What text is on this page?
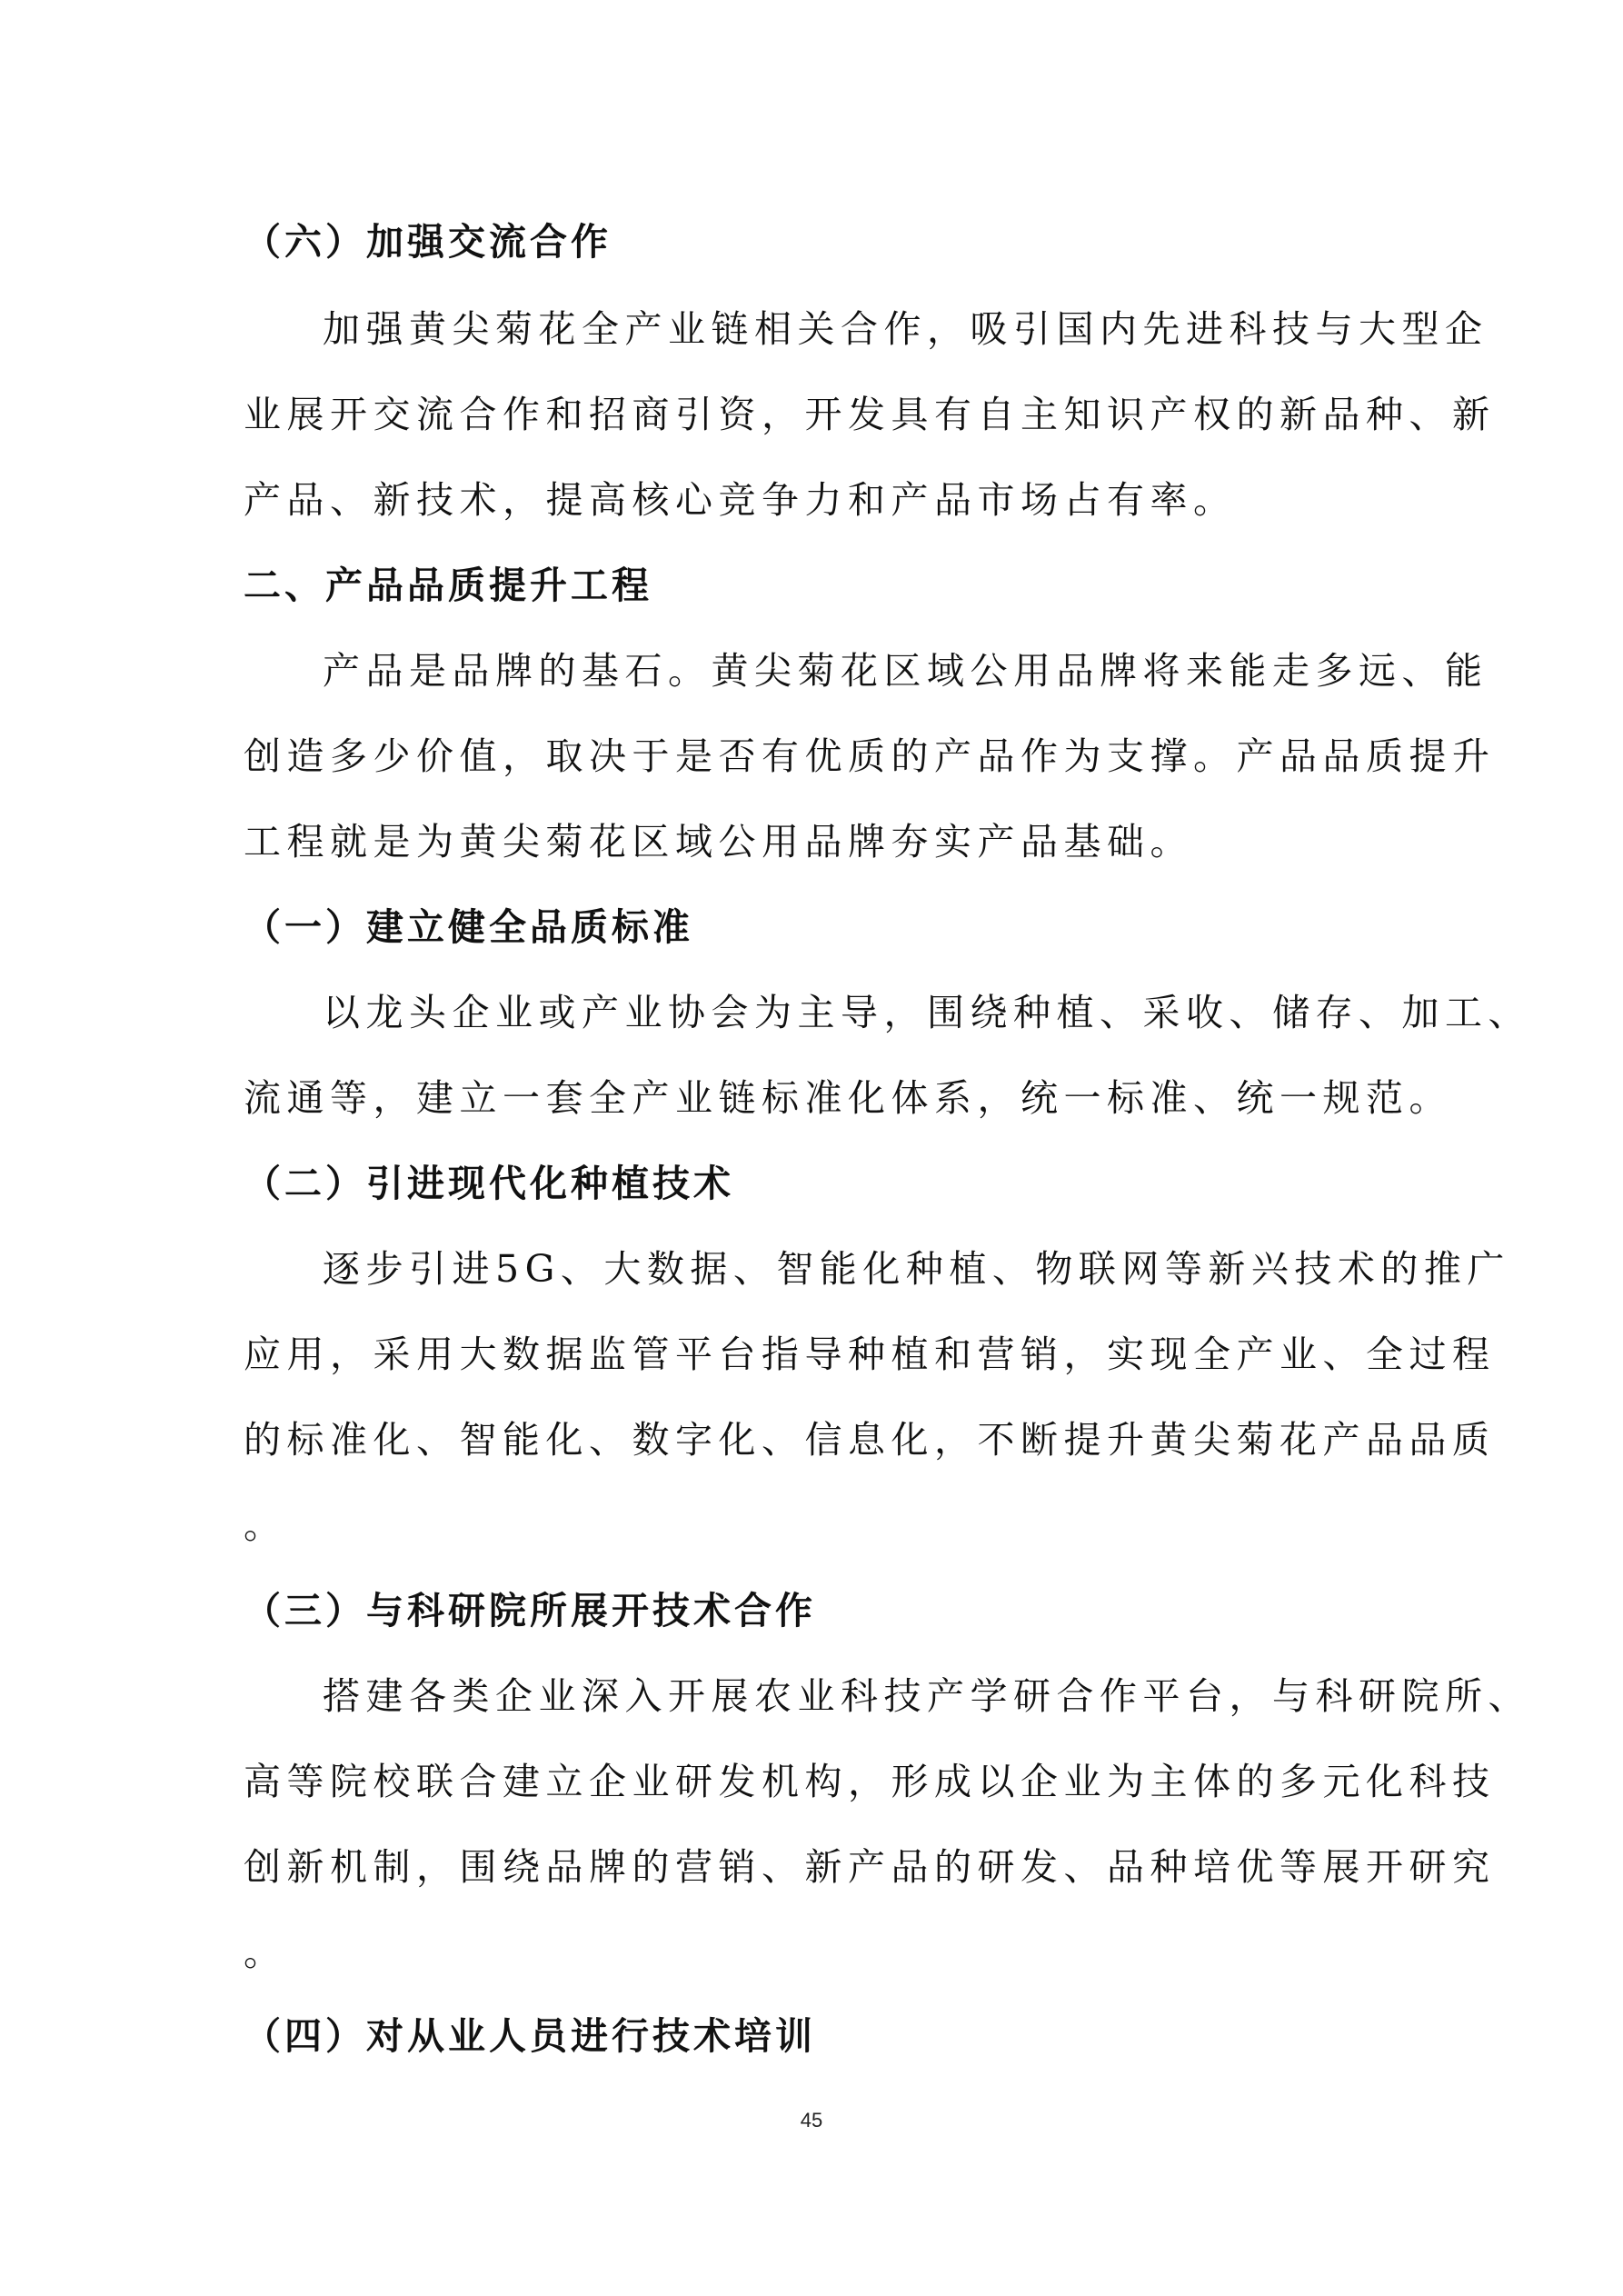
（六）加强交流合作
加强黄尖菊花全产业链相关合作，吸引国内先进科技与大型企
业展开交流合作和招商引资，开发具有自主知识产权的新品种、新
产品、新技术，提高核心竞争力和产品市场占有率。
二、产品品质提升工程
产品是品牌的基石。黄尖菊花区域公用品牌将来能走多远、能
创造多少价值，取决于是否有优质的产品作为支撑。产品品质提升
工程就是为黄尖菊花区域公用品牌夯实产品基础。
（一）建立健全品质标准
以龙头企业或产业协会为主导，围绕种植、采收、储存、加工、
流通等，建立一套全产业链标准化体系，统一标准、统一规范。
（二）引进现代化种植技术
逐步引进5G、大数据、智能化种植、物联网等新兴技术的推广
应用，采用大数据监管平台指导种植和营销，实现全产业、全过程
的标准化、智能化、数字化、信息化，不断提升黄尖菊花产品品质
。
（三）与科研院所展开技术合作
搭建各类企业深入开展农业科技产学研合作平台，与科研院所、
高等院校联合建立企业研发机构，形成以企业为主体的多元化科技
创新机制，围绕品牌的营销、新产品的研发、品种培优等展开研究
。
（四）对从业人员进行技术培训
45
